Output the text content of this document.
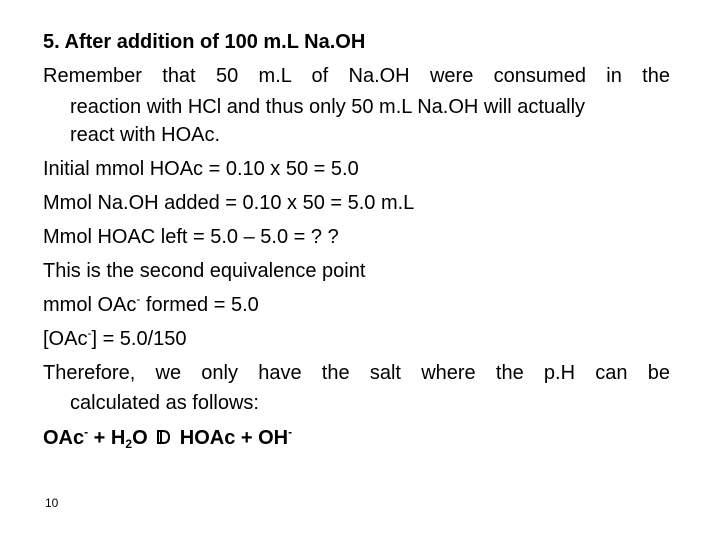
5. After addition of 100 m.L Na.OH
Remember that 50 m.L of Na.OH were consumed in the
reaction with HCl and thus only 50 m.L Na.OH will actually
react with HOAc.
Initial mmol HOAc = 0.10 x 50 = 5.0
Mmol Na.OH added = 0.10 x 50 = 5.0 m.L
Mmol HOAC left = 5.0 – 5.0 = ? ?
This is the second equivalence point
mmol OAc- formed = 5.0
[OAc-] = 5.0/150
Therefore, we only have the salt where the p.H can be
calculated as follows:
$OAc^- + H_2O$ HOAc + OH-
10
